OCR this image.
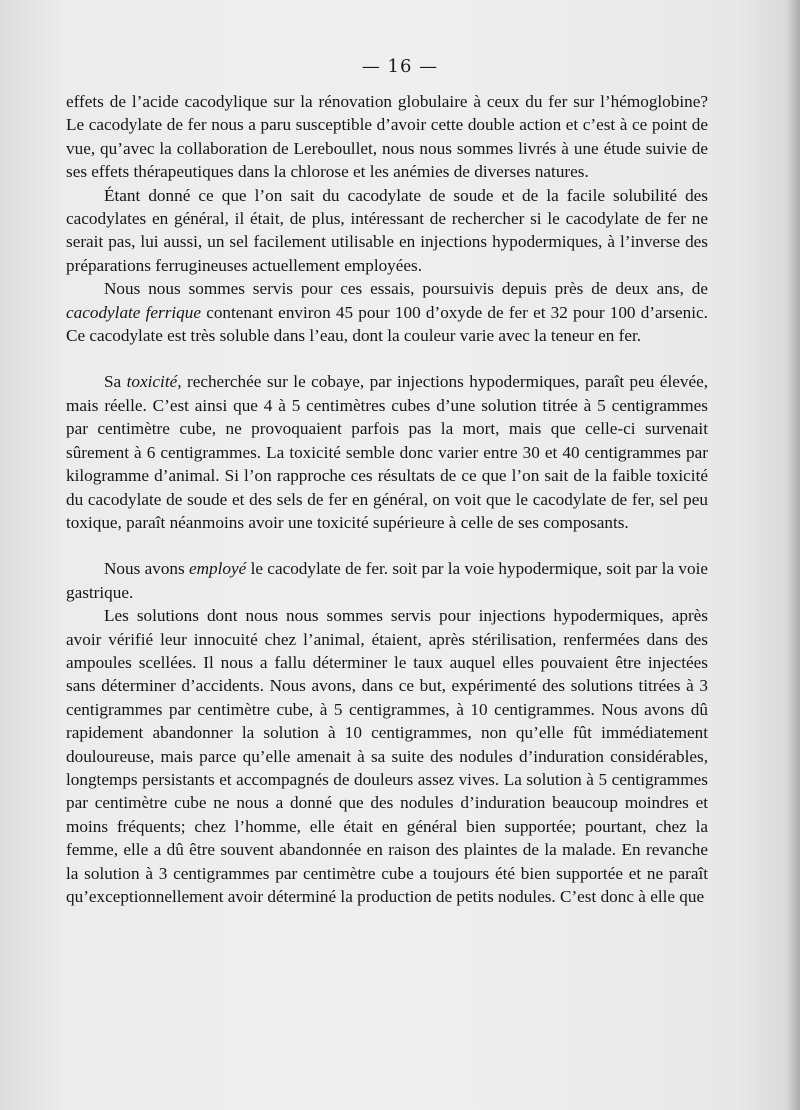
— 16 —

effets de l’acide cacodylique sur la rénovation globulaire à ceux du fer sur l’hémoglobine? Le cacodylate de fer nous a paru susceptible d’avoir cette double action et c’est à ce point de vue, qu’avec la collaboration de Lereboullet, nous nous sommes livrés à une étude suivie de ses effets thérapeutiques dans la chlorose et les anémies de diverses natures.

Étant donné ce que l’on sait du cacodylate de soude et de la facile solubilité des cacodylates en général, il était, de plus, intéressant de rechercher si le cacodylate de fer ne serait pas, lui aussi, un sel facilement utilisable en injections hypodermiques, à l’inverse des préparations ferrugineuses actuellement employées.

Nous nous sommes servis pour ces essais, poursuivis depuis près de deux ans, de cacodylate ferrique contenant environ 45 pour 100 d’oxyde de fer et 32 pour 100 d’arsenic. Ce cacodylate est très soluble dans l’eau, dont la couleur varie avec la teneur en fer.

Sa toxicité, recherchée sur le cobaye, par injections hypodermiques, paraît peu élevée, mais réelle. C’est ainsi que 4 à 5 centimètres cubes d’une solution titrée à 5 centigrammes par centimètre cube, ne provoquaient parfois pas la mort, mais que celle-ci survenait sûrement à 6 centigrammes. La toxicité semble donc varier entre 30 et 40 centigrammes par kilogramme d’animal. Si l’on rapproche ces résultats de ce que l’on sait de la faible toxicité du cacodylate de soude et des sels de fer en général, on voit que le cacodylate de fer, sel peu toxique, paraît néanmoins avoir une toxicité supérieure à celle de ses composants.

Nous avons employé le cacodylate de fer. soit par la voie hypodermique, soit par la voie gastrique.

Les solutions dont nous nous sommes servis pour injections hypodermiques, après avoir vérifié leur innocuité chez l’animal, étaient, après stérilisation, renfermées dans des ampoules scellées. Il nous a fallu déterminer le taux auquel elles pouvaient être injectées sans déterminer d’accidents. Nous avons, dans ce but, expérimenté des solutions titrées à 3 centigrammes par centimètre cube, à 5 centigrammes, à 10 centigrammes. Nous avons dû rapidement abandonner la solution à 10 centigrammes, non qu’elle fût immédiatement douloureuse, mais parce qu’elle amenait à sa suite des nodules d’induration considérables, longtemps persistants et accompagnés de douleurs assez vives. La solution à 5 centigrammes par centimètre cube ne nous a donné que des nodules d’induration beaucoup moindres et moins fréquents; chez l’homme, elle était en général bien supportée; pourtant, chez la femme, elle a dû être souvent abandonnée en raison des plaintes de la malade. En revanche la solution à 3 centigrammes par centimètre cube a toujours été bien supportée et ne paraît qu’exceptionnellement avoir déterminé la production de petits nodules. C’est donc à elle que
